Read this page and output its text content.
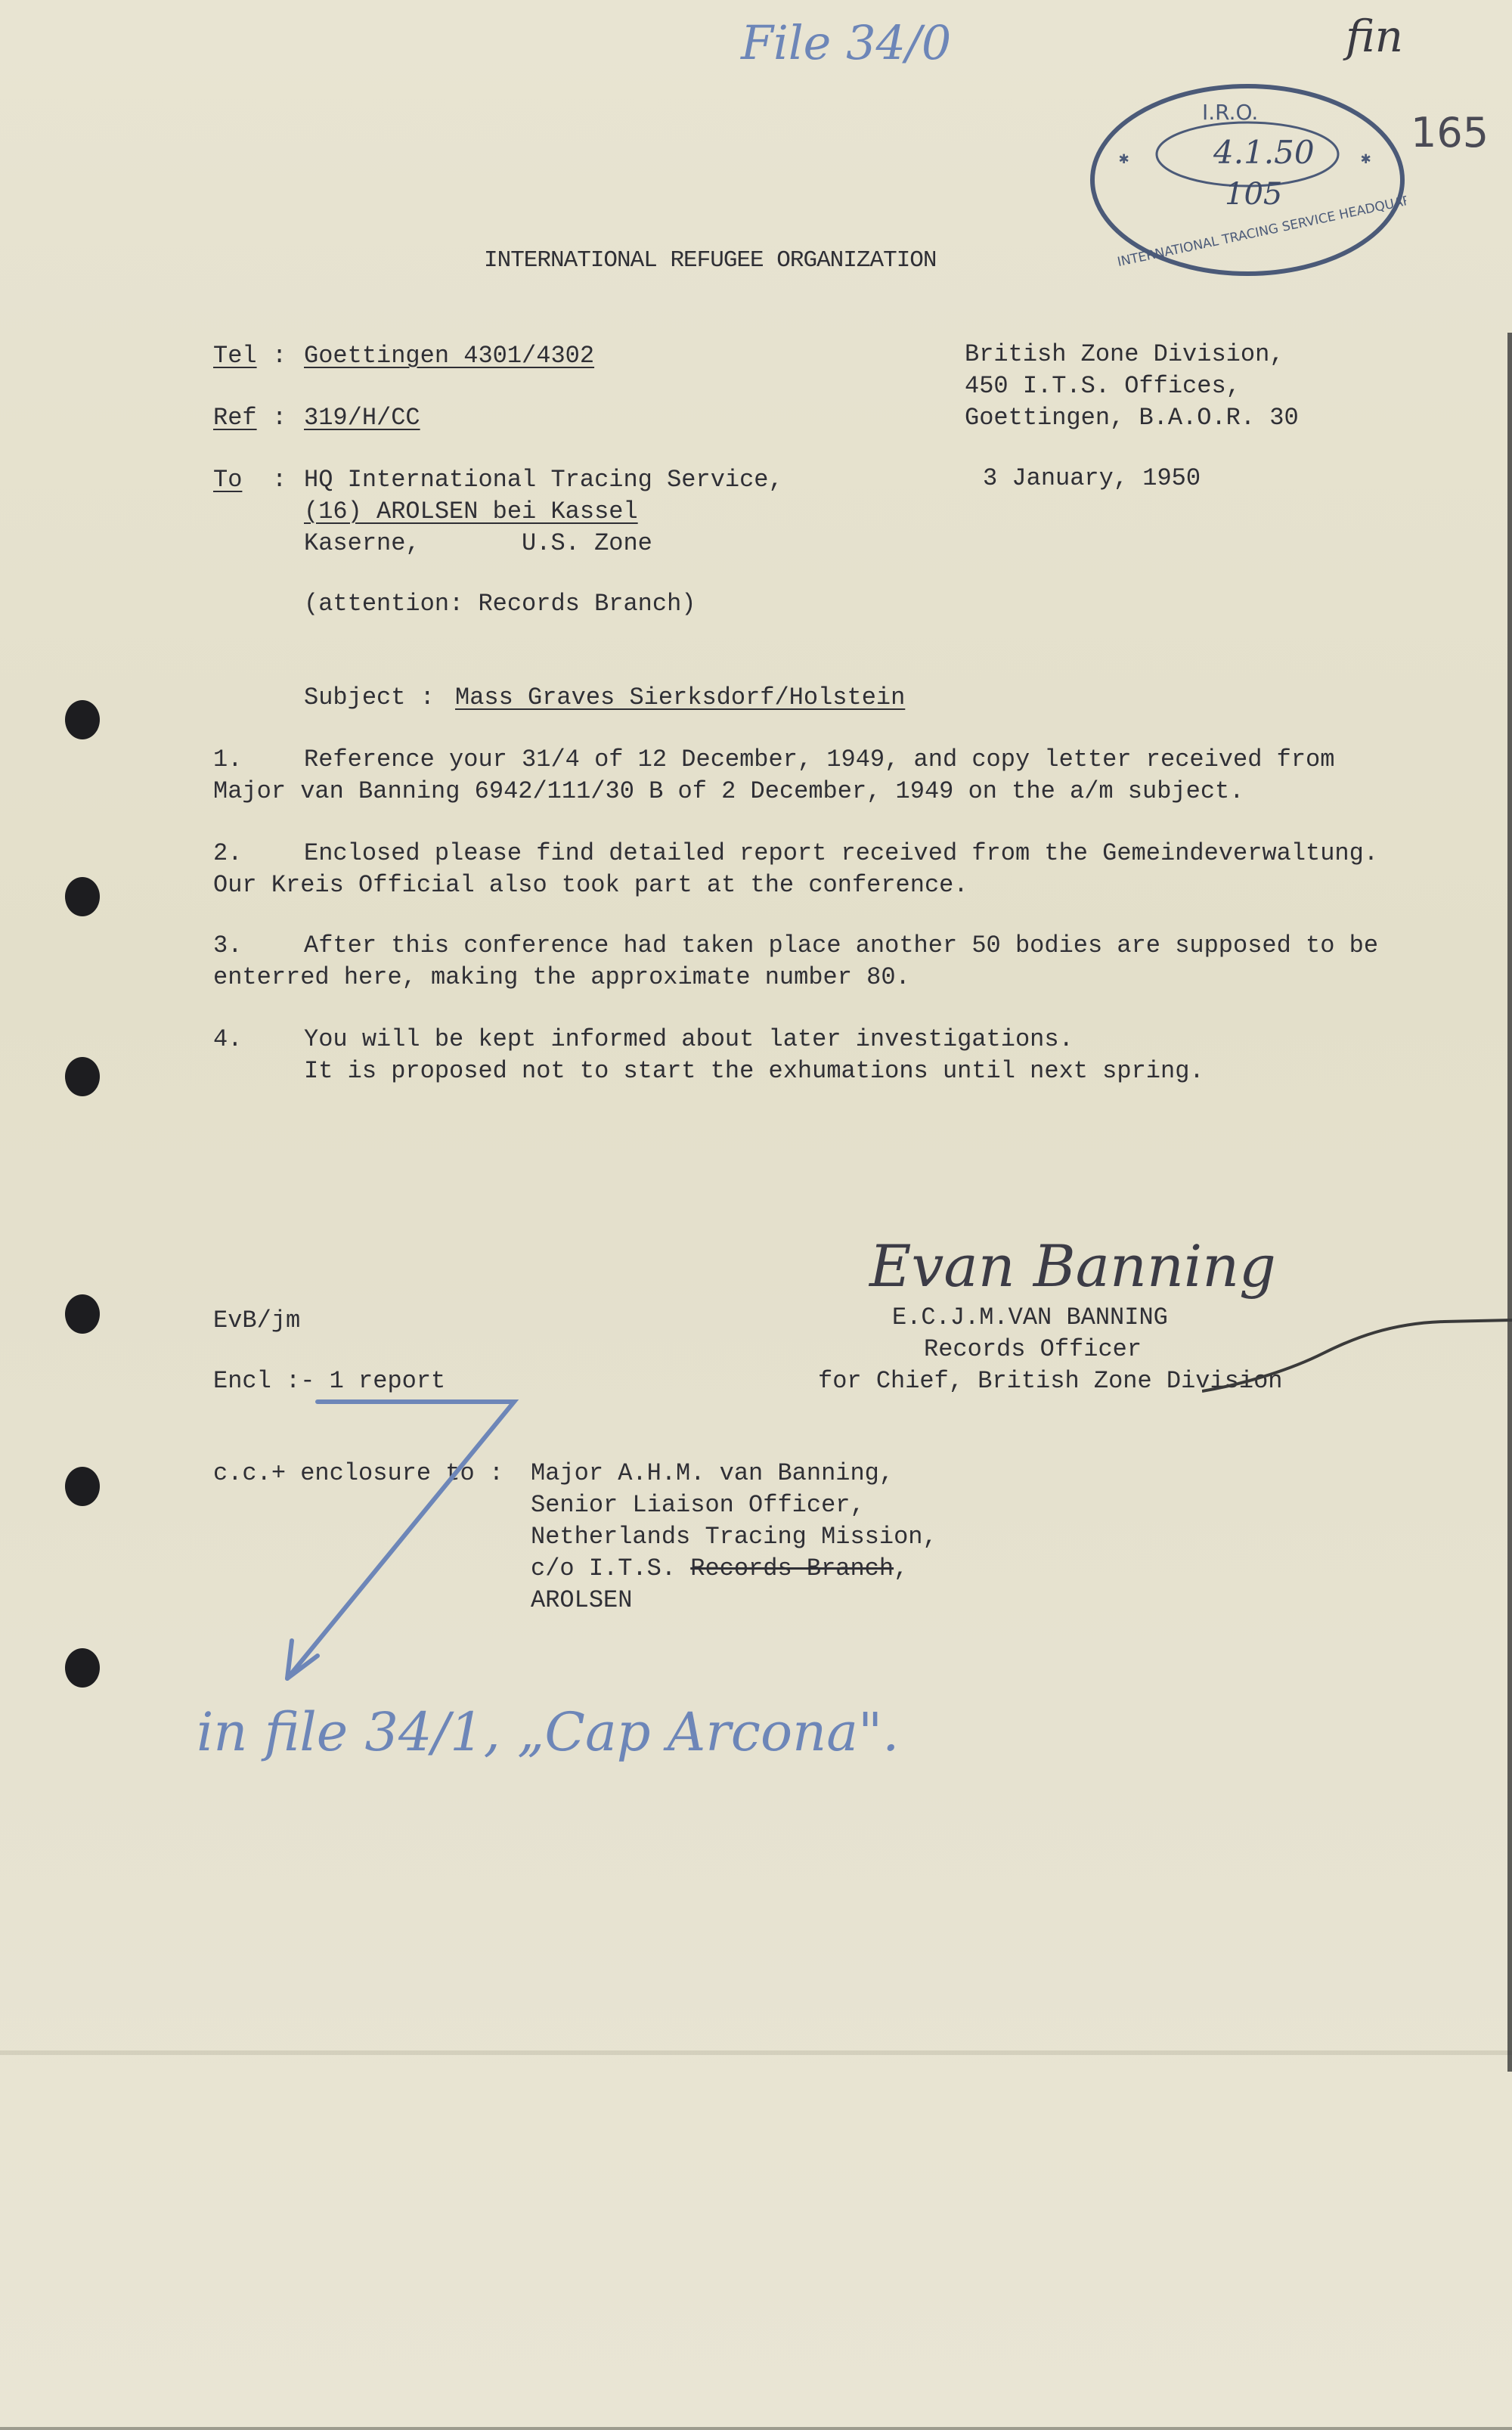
File 34/0	fin
165
I.R.O.
4.1.50
105
INTERNATIONAL TRACING SERVICE HEADQUARTERS
✱	✱
INTERNATIONAL REFUGEE ORGANIZATION
Tel : Goettingen 4301/4302
Ref : 319/H/CC
To : HQ International Tracing Service,
(16) AROLSEN bei Kassel
Kaserne,       U.S. Zone
(attention: Records Branch)
British Zone Division,
450 I.T.S. Offices,
Goettingen, B.A.O.R. 30
3 January, 1950
Subject : Mass Graves Sierksdorf/Holstein
1.	Reference your 31/4 of 12 December, 1949, and copy letter received from
Major van Banning 6942/111/30 B of 2 December, 1949 on the a/m subject.
2.	Enclosed please find detailed report received from the Gemeindeverwaltung.
Our Kreis Official also took part at the conference.
3.	After this conference had taken place another 50 bodies are supposed to be
enterred here, making the approximate number 80.
4.	You will be kept informed about later investigations.
It is proposed not to start the exhumations until next spring.
Evan Banning
E.C.J.M.VAN BANNING
Records Officer
for Chief, British Zone Division
EvB/jm
Encl :- 1 report
c.c.+ enclosure to : Major A.H.M. van Banning,
Senior Liaison Officer,
Netherlands Tracing Mission,
c/o I.T.S. Records Branch,
AROLSEN
in file 34/1, „Cap Arcona".
